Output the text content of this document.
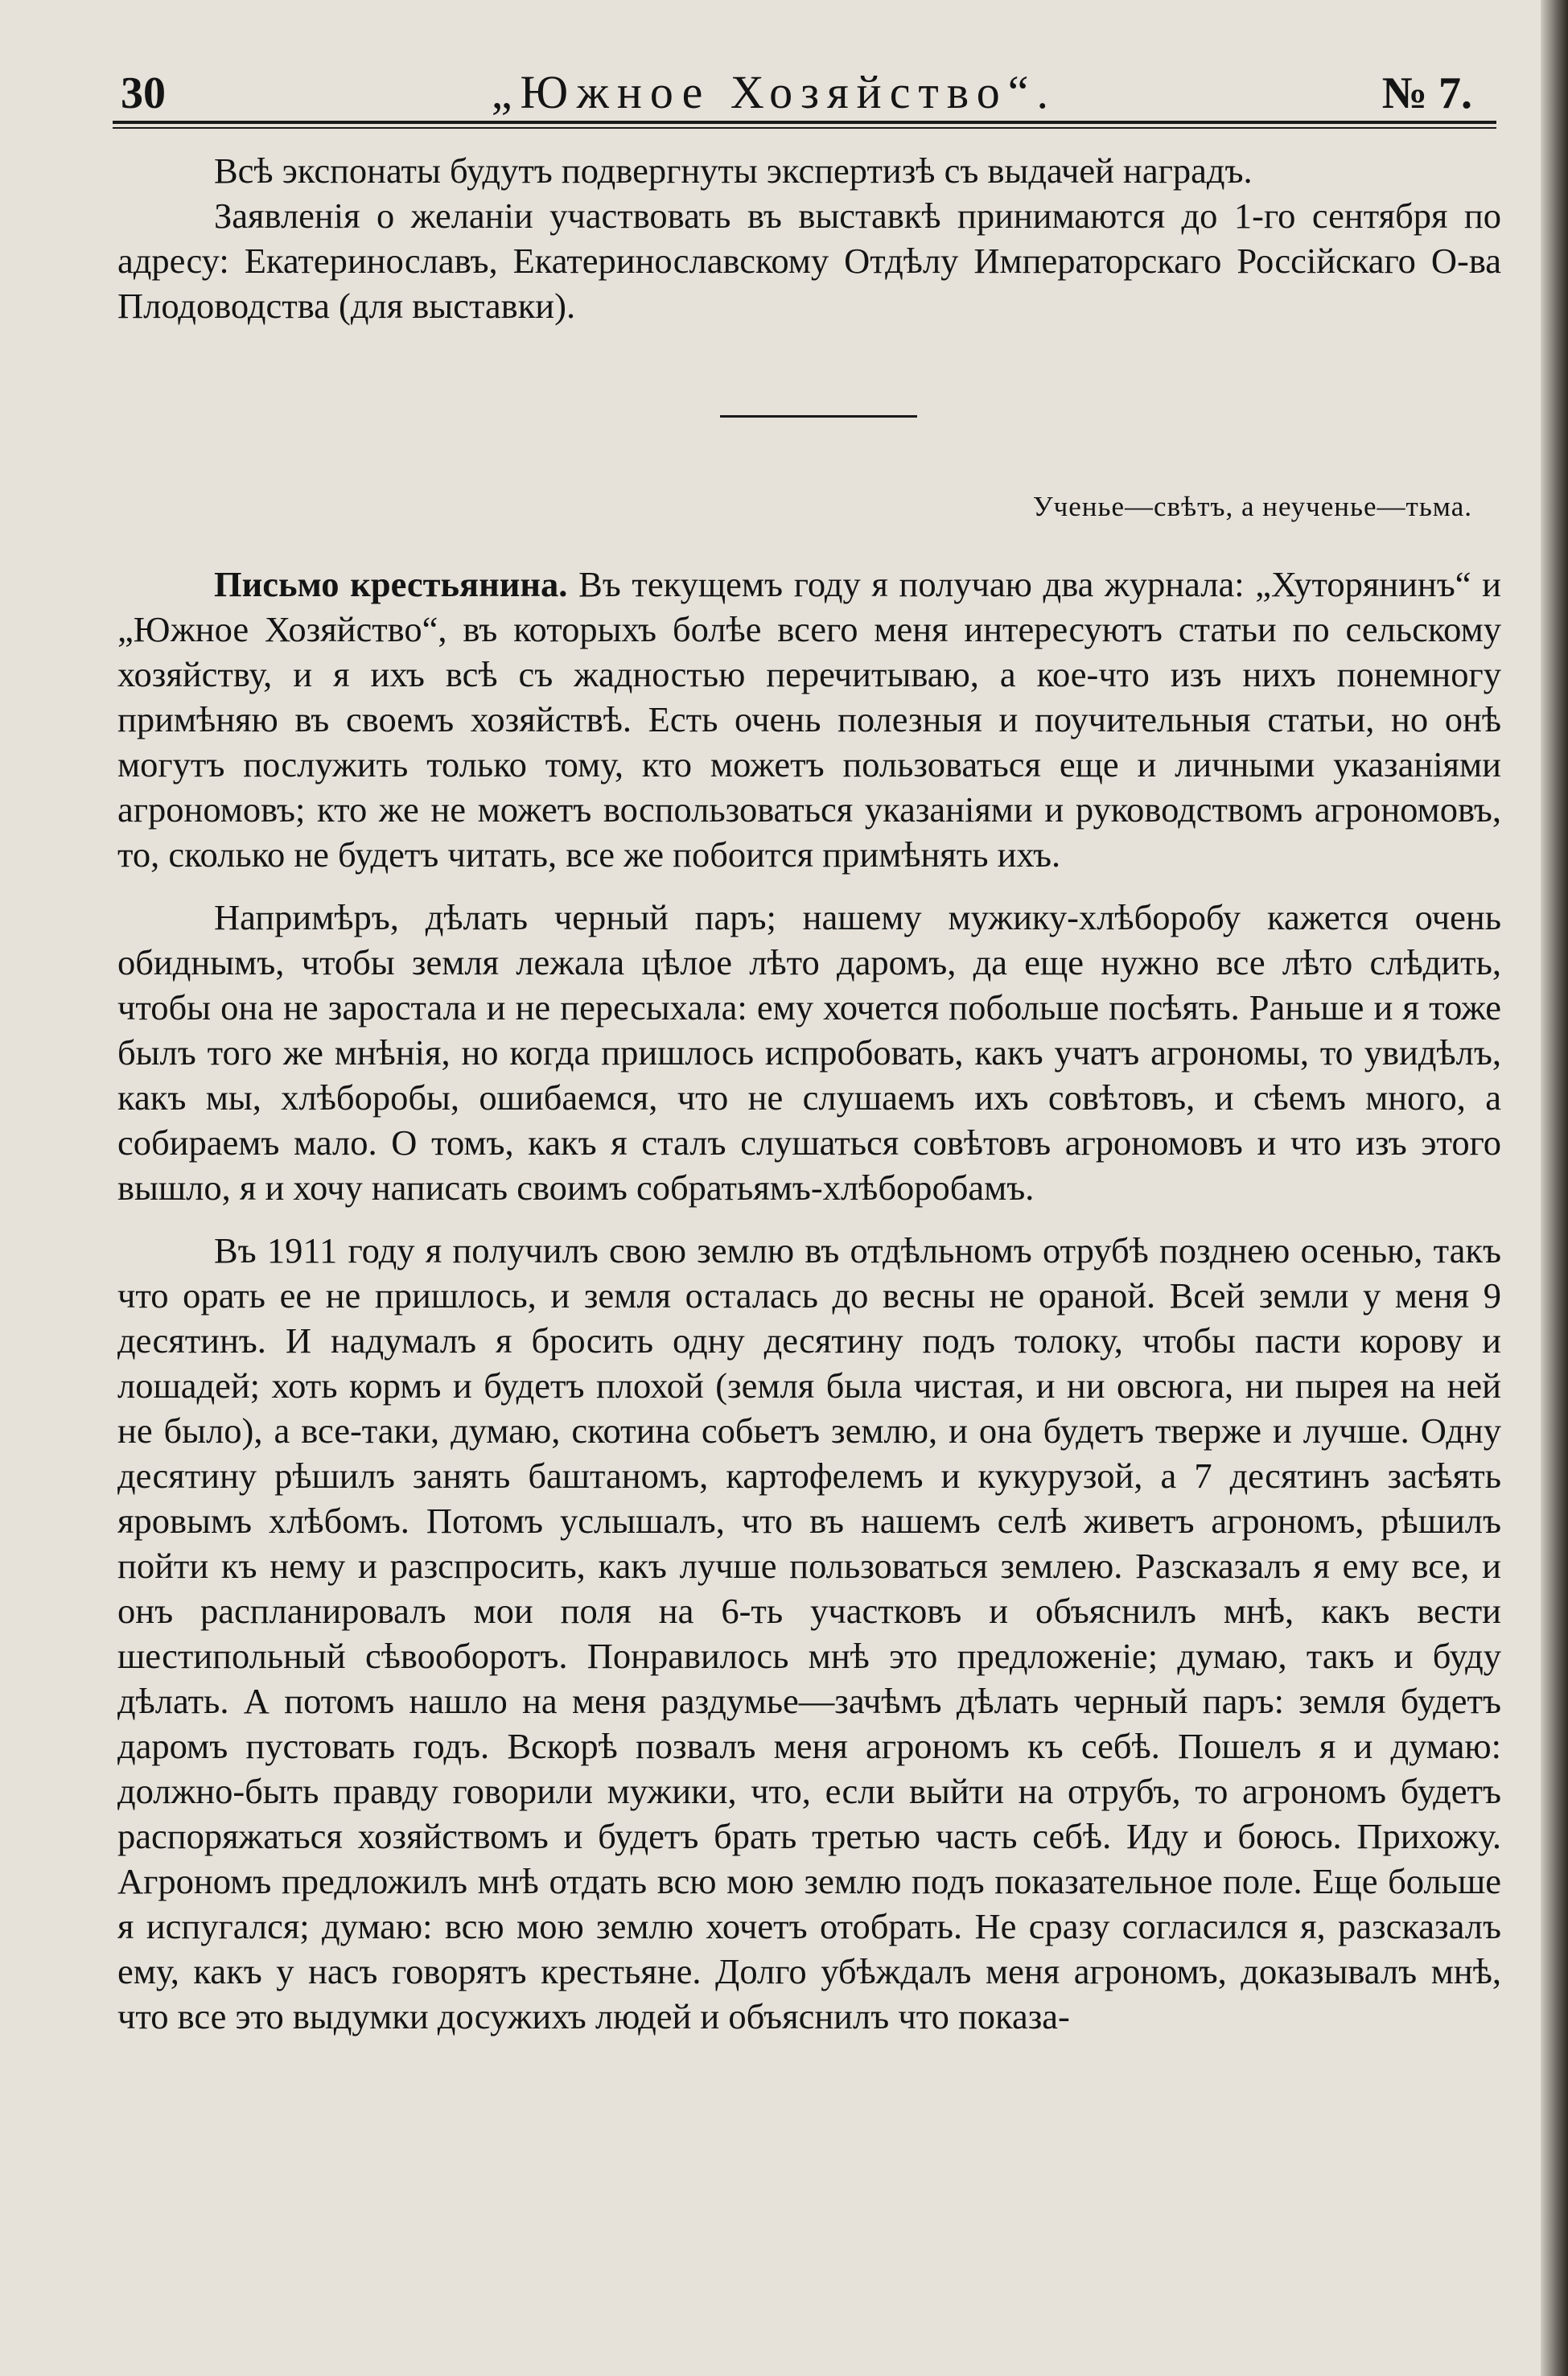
30	„Южное Хозяйство“.	№ 7.

Всѣ экспонаты будутъ подвергнуты экспертизѣ съ выдачей наградъ.

Заявленія о желаніи участвовать въ выставкѣ принимаются до 1-го сентября по адресу: Екатеринославъ, Екатеринославскому Отдѣлу Императорскаго Россійскаго О-ва Плодоводства (для выставки).

Ученье—свѣтъ, а неученье—тьма.

Письмо крестьянина. Въ текущемъ году я получаю два журнала: „Хуторянинъ“ и „Южное Хозяйство“, въ которыхъ болѣе всего меня интересуютъ статьи по сельскому хозяйству, и я ихъ всѣ съ жадностью перечитываю, а кое-что изъ нихъ понемногу примѣняю въ своемъ хозяйствѣ. Есть очень полезныя и поучительныя статьи, но онѣ могутъ послужить только тому, кто можетъ пользоваться еще и личными указаніями агрономовъ; кто же не можетъ воспользоваться указаніями и руководствомъ агрономовъ, то, сколько не будетъ читать, все же побоится примѣнять ихъ.

Напримѣръ, дѣлать черный паръ; нашему мужику-хлѣборобу кажется очень обиднымъ, чтобы земля лежала цѣлое лѣто даромъ, да еще нужно все лѣто слѣдить, чтобы она не заростала и не пересыхала: ему хочется побольше посѣять. Раньше и я тоже былъ того же мнѣнія, но когда пришлось испробовать, какъ учатъ агрономы, то увидѣлъ, какъ мы, хлѣборобы, ошибаемся, что не слушаемъ ихъ совѣтовъ, и сѣемъ много, а собираемъ мало. О томъ, какъ я сталъ слушаться совѣтовъ агрономовъ и что изъ этого вышло, я и хочу написать своимъ собратьямъ-хлѣборобамъ.

Въ 1911 году я получилъ свою землю въ отдѣльномъ отрубѣ позднею осенью, такъ что орать ее не пришлось, и земля осталась до весны не ораной. Всей земли у меня 9 десятинъ. И надумалъ я бросить одну десятину подъ толоку, чтобы пасти корову и лошадей; хоть кормъ и будетъ плохой (земля была чистая, и ни овсюга, ни пырея на ней не было), а все-таки, думаю, скотина собьетъ землю, и она будетъ тверже и лучше. Одну десятину рѣшилъ занять баштаномъ, картофелемъ и кукурузой, а 7 десятинъ засѣять яровымъ хлѣбомъ. Потомъ услышалъ, что въ нашемъ селѣ живетъ агрономъ, рѣшилъ пойти къ нему и разспросить, какъ лучше пользоваться землею. Разсказалъ я ему все, и онъ распланировалъ мои поля на 6-ть участковъ и объяснилъ мнѣ, какъ вести шестипольный сѣвооборотъ. Понравилось мнѣ это предложеніе; думаю, такъ и буду дѣлать. А потомъ нашло на меня раздумье—зачѣмъ дѣлать черный паръ: земля будетъ даромъ пустовать годъ. Вскорѣ позвалъ меня агрономъ къ себѣ. Пошелъ я и думаю: должно-быть правду говорили мужики, что, если выйти на отрубъ, то агрономъ будетъ распоряжаться хозяйствомъ и будетъ брать третью часть себѣ. Иду и боюсь. Прихожу. Агрономъ предложилъ мнѣ отдать всю мою землю подъ показательное поле. Еще больше я испугался; думаю: всю мою землю хочетъ отобрать. Не сразу согласился я, разсказалъ ему, какъ у насъ говорятъ крестьяне. Долго убѣждалъ меня агрономъ, доказывалъ мнѣ, что все это выдумки досужихъ людей и объяснилъ что показа-
